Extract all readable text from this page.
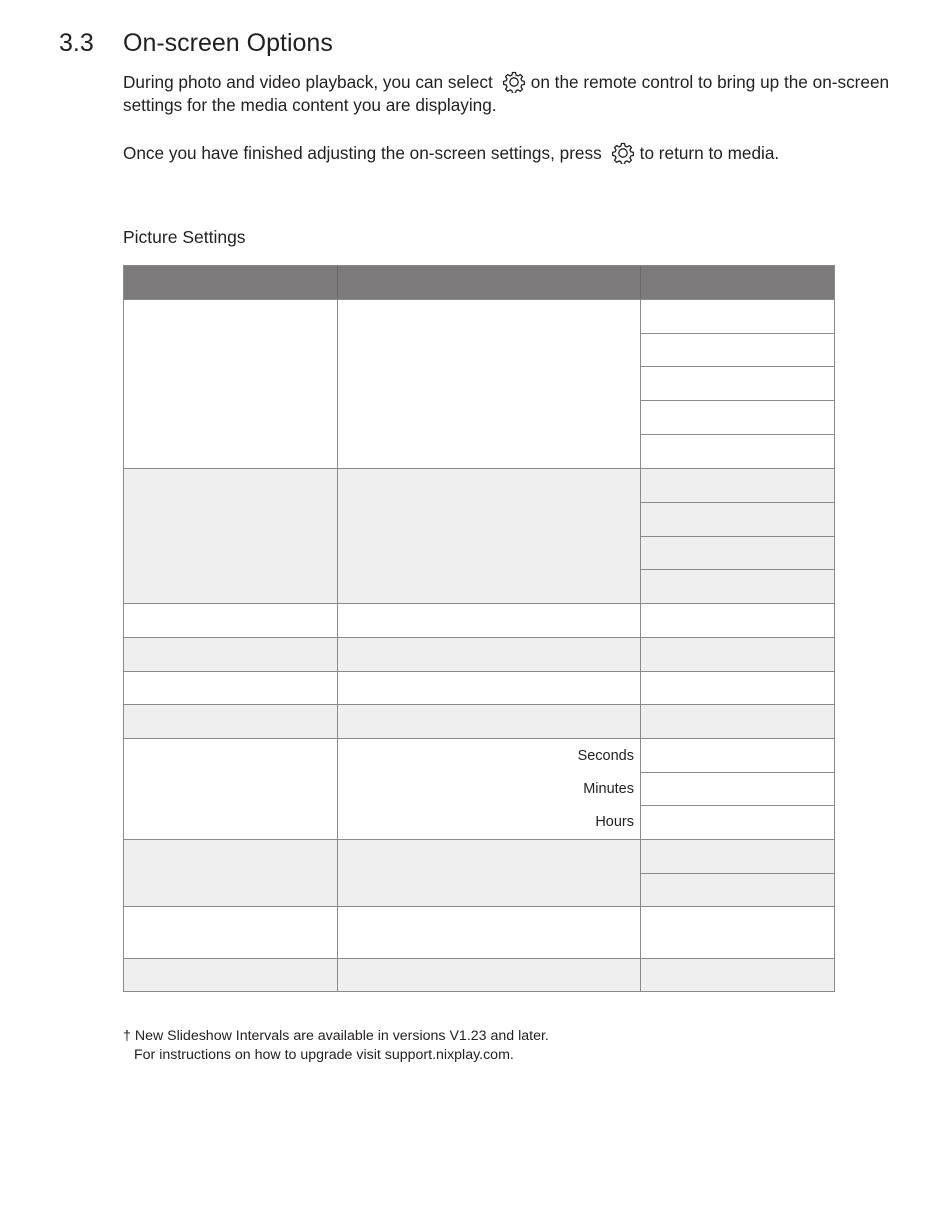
3.3 On-screen Options
During photo and video playback, you can select on the remote control to bring up the on-screen settings for the media content you are displaying.
Once you have finished adjusting the on-screen settings, press to return to media.
Picture Settings
Seconds
Minutes
Hours
† New Slideshow Intervals are available in versions V1.23 and later.
For instructions on how to upgrade visit support.nixplay.com.
